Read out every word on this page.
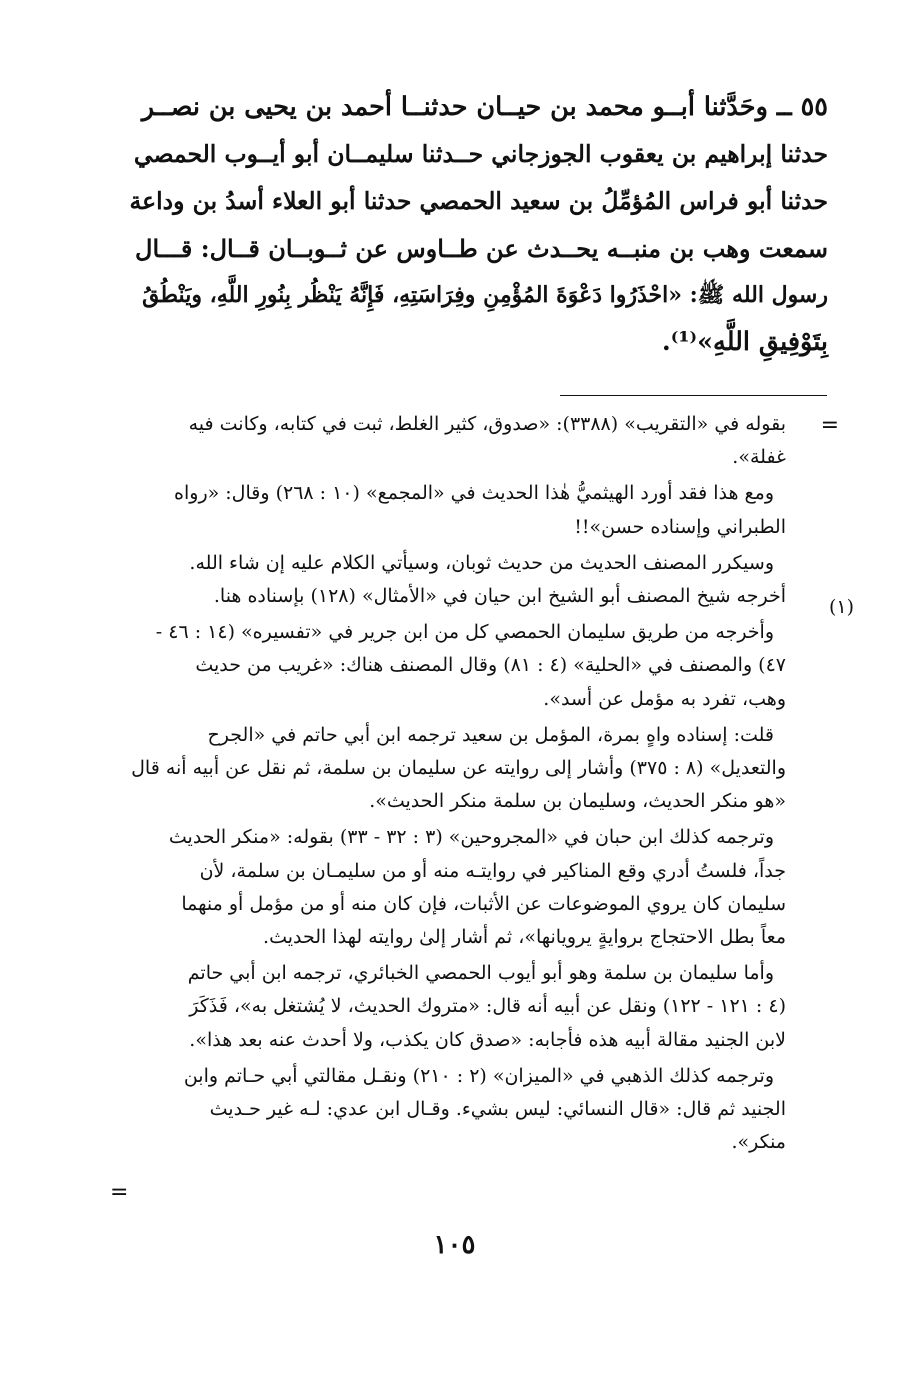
٥٥ ــ وحَدَّثنا أبــو محمد بن حيــان حدثنــا أحمد بن يحيى بن نصــر
حدثنا إبراهيم بن يعقوب الجوزجاني حــدثنا سليمــان أبو أيــوب الحمصي
حدثنا أبو فراس المُؤمِّلُ بن سعيد الحمصي حدثنا أبو العلاء أسدُ بن وداعة
سمعت وهب بن منبــه يحــدث عن طــاوس عن ثــوبــان قــال: قـــال
رسول الله ﷺ: «احْذَرُوا دَعْوَةَ المُؤْمِنِ وفِرَاسَتِهِ، فَإِنَّهُ يَنْظُر بِنُورِ اللَّهِ، ويَنْطُقُ
بِتَوْفِيقِ اللَّهِ»⁽¹⁾.
=
(١)
=
بقوله في «التقريب» (٣٣٨٨): «صدوق، كثير الغلط، ثبت في كتابه، وكانت فيه
غفلة».
ومع هذا فقد أورد الهيثميُّ هٰذا الحديث في «المجمع» (١٠ : ٢٦٨) وقال: «رواه
الطبراني وإسناده حسن»!!
وسيكرر المصنف الحديث من حديث ثوبان، وسيأتي الكلام عليه إن شاء الله.
أخرجه شيخ المصنف أبو الشيخ ابن حيان في «الأمثال» (١٢٨) بإسناده هنا.
وأخرجه من طريق سليمان الحمصي كل من ابن جرير في «تفسيره» (١٤ : ٤٦ -
٤٧) والمصنف في «الحلية» (٤ : ٨١) وقال المصنف هناك: «غريب من حديث
وهب، تفرد به مؤمل عن أسد».
قلت: إسناده واهٍ بمرة، المؤمل بن سعيد ترجمه ابن أبي حاتم في «الجرح
والتعديل» (٨ : ٣٧٥) وأشار إلى روايته عن سليمان بن سلمة، ثم نقل عن أبيه أنه قال
«هو منكر الحديث، وسليمان بن سلمة منكر الحديث».
وترجمه كذلك ابن حبان في «المجروحين» (٣ : ٣٢ - ٣٣) بقوله: «منكر الحديث
جداً، فلستُ أدري وقع المناكير في روايتـه منه أو من سليمـان بن سلمة، لأن
سليمان كان يروي الموضوعات عن الأثبات، فإن كان منه أو من مؤمل أو منهما
معاً بطل الاحتجاج بروايةٍ يرويانها»، ثم أشار إلىٰ روايته لهذا الحديث.
وأما سليمان بن سلمة وهو أبو أيوب الحمصي الخبائري، ترجمه ابن أبي حاتم
(٤ : ١٢١ - ١٢٢) ونقل عن أبيه أنه قال: «متروك الحديث، لا يُشتغل به»، فَذَكَرَ
لابن الجنيد مقالة أبيه هذه فأجابه: «صدق كان يكذب، ولا أحدث عنه بعد هذا».
وترجمه كذلك الذهبي في «الميزان» (٢ : ٢١٠) ونقـل مقالتي أبي حـاتم وابن
الجنيد ثم قال: «قال النسائي: ليس بشيء. وقـال ابن عدي: لـه غير حـديث
منكر».
١٠٥
